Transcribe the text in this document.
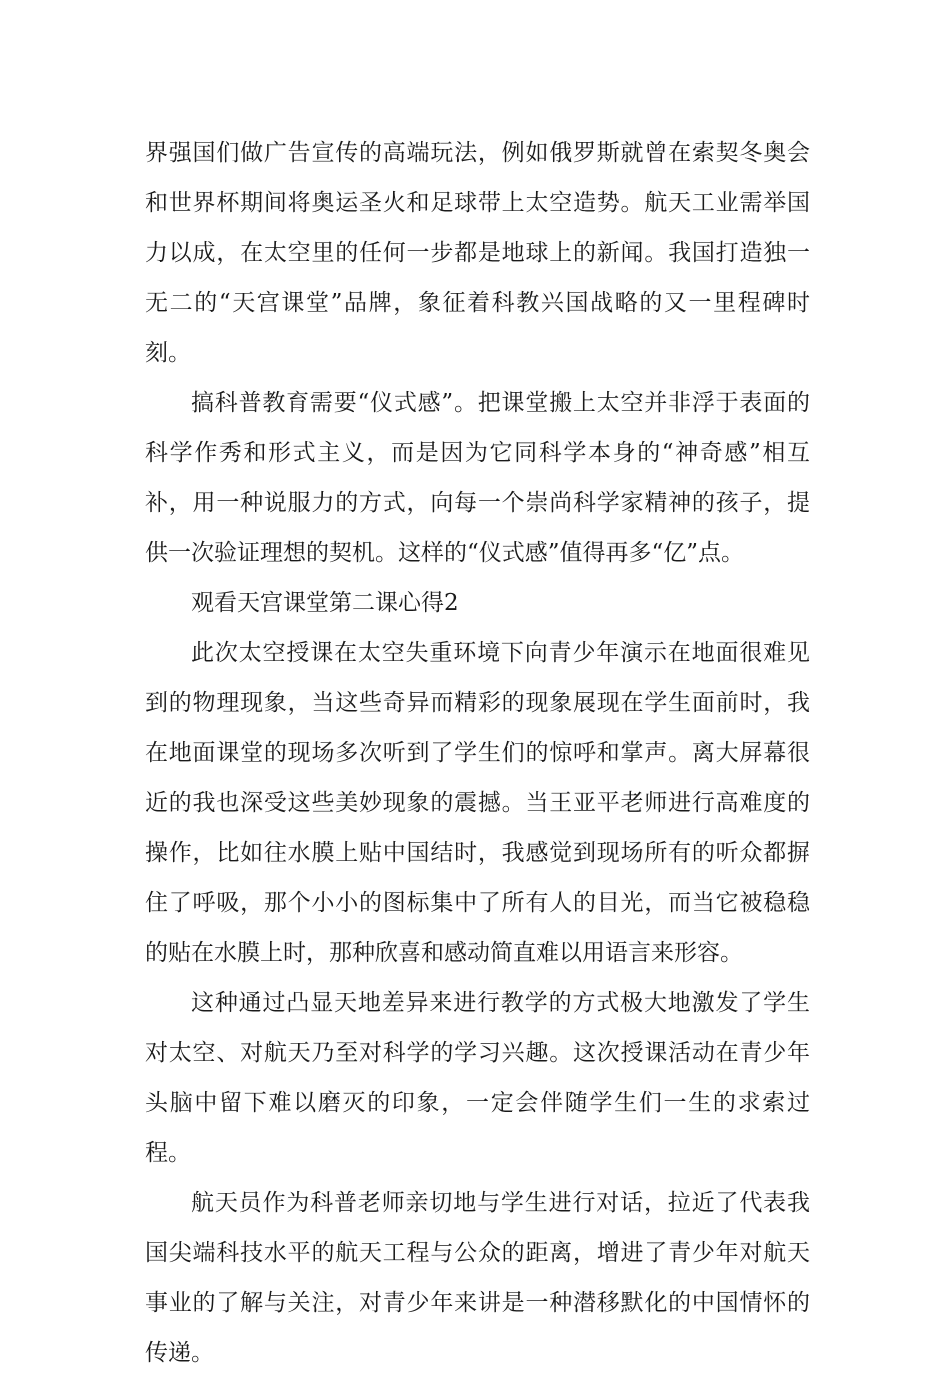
界强国们做广告宣传的高端玩法，例如俄罗斯就曾在索契冬奥会和世界杯期间将奥运圣火和足球带上太空造势。航天工业需举国力以成，在太空里的任何一步都是地球上的新闻。我国打造独一无二的“天宫课堂”品牌，象征着科教兴国战略的又一里程碑时刻。

搞科普教育需要“仪式感”。把课堂搬上太空并非浮于表面的科学作秀和形式主义，而是因为它同科学本身的“神奇感”相互补，用一种说服力的方式，向每一个崇尚科学家精神的孩子，提供一次验证理想的契机。这样的“仪式感”值得再多“亿”点。

观看天宫课堂第二课心得2

此次太空授课在太空失重环境下向青少年演示在地面很难见到的物理现象，当这些奇异而精彩的现象展现在学生面前时，我在地面课堂的现场多次听到了学生们的惊呼和掌声。离大屏幕很近的我也深受这些美妙现象的震撼。当王亚平老师进行高难度的操作，比如往水膜上贴中国结时，我感觉到现场所有的听众都摒住了呼吸，那个小小的图标集中了所有人的目光，而当它被稳稳的贴在水膜上时，那种欣喜和感动简直难以用语言来形容。

这种通过凸显天地差异来进行教学的方式极大地激发了学生对太空、对航天乃至对科学的学习兴趣。这次授课活动在青少年头脑中留下难以磨灭的印象，一定会伴随学生们一生的求索过程。

航天员作为科普老师亲切地与学生进行对话，拉近了代表我国尖端科技水平的航天工程与公众的距离，增进了青少年对航天事业的了解与关注，对青少年来讲是一种潜移默化的中国情怀的传递。
